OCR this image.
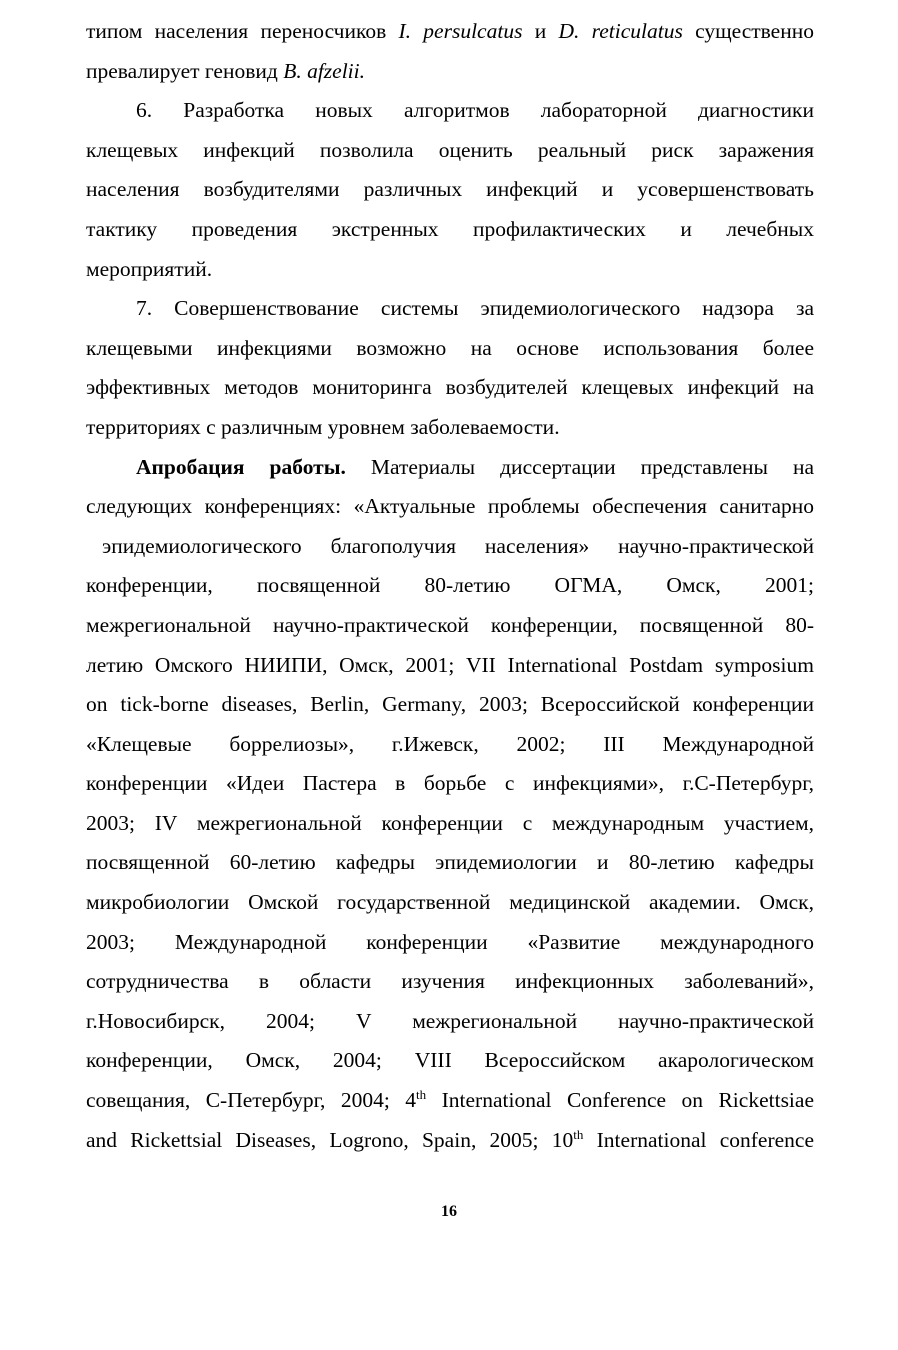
типом населения переносчиков I. persulcatus и D. reticulatus существенно
превалирует геновид B. afzelii.
6. Разработка новых алгоритмов лабораторной диагностики
клещевых инфекций позволила оценить реальный риск заражения
населения возбудителями различных инфекций и усовершенствовать
тактику проведения экстренных профилактических и лечебных
мероприятий.
7. Совершенствование системы эпидемиологического надзора за
клещевыми инфекциями возможно на основе использования более
эффективных методов мониторинга возбудителей клещевых инфекций на
территориях с различным уровнем заболеваемости.
Апробация работы. Материалы диссертации представлены на
следующих конференциях: «Актуальные проблемы обеспечения санитарно
эпидемиологического благополучия населения» научно-практической
конференции, посвященной 80-летию ОГМА, Омск, 2001;
межрегиональной научно-практической конференции, посвященной 80-
летию Омского НИИПИ, Омск, 2001; VII International Postdam symposium
on tick-borne diseases, Berlin, Germany, 2003; Всероссийской конференции
«Клещевые боррелиозы», г.Ижевск, 2002; III Международной
конференции «Идеи Пастера в борьбе с инфекциями», г.С-Петербург,
2003; IV межрегиональной конференции с международным участием,
посвященной 60-летию кафедры эпидемиологии и 80-летию кафедры
микробиологии Омской государственной медицинской академии. Омск,
2003; Международной конференции «Развитие международного
сотрудничества в области изучения инфекционных заболеваний»,
г.Новосибирск, 2004; V межрегиональной научно-практической
конференции, Омск, 2004; VIII Всероссийском акарологическом
совещания, С-Петербург, 2004; 4th International Conference on Rickettsiae
and Rickettsial Diseases, Logrono, Spain, 2005; 10th International conference
16
